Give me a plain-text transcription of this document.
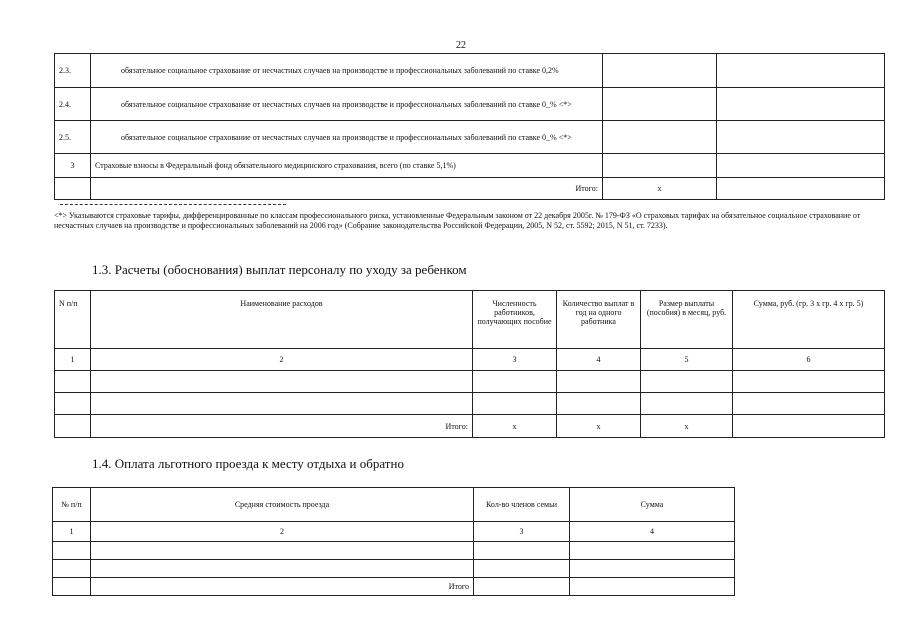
22
2.3.	обязательное социальное страхование от несчастных случаев на производстве и профессиональных заболеваний по ставке 0,2%		
2.4.	обязательное социальное страхование от несчастных случаев на производстве и профессиональных заболеваний по ставке 0_% <*>		
2.5.	обязательное социальное страхование от несчастных случаев на производстве и профессиональных заболеваний по ставке 0_% <*>		
3	Страховые взносы в Федеральный фонд обязательного медицинского страхования, всего (по ставке 5,1%)		
	Итого:	х	
<*> Указываются страховые тарифы, дифференцированные по классам профессионального риска, установленные Федеральным законом от 22 декабря 2005г. № 179-ФЗ «О страховых тарифах на обязательное социальное страхование от несчастных случаев на производстве и профессиональных заболеваний на 2006 год» (Собрание законодательства Российской Федерации, 2005, N 52, ст. 5592; 2015, N 51, ст. 7233).
1.3. Расчеты (обоснования) выплат персоналу по уходу за ребенком
N п/п	Наименование расходов	Численность работников, получающих пособие	Количество выплат в год на одного работника	Размер выплаты (пособия) в месяц, руб.	Сумма, руб. (гр. 3 х гр. 4 х гр. 5)
1	2	3	4	5	6

	Итого:	х	х	х	
1.4. Оплата льготного проезда к месту отдыха и обратно
№ п/п	Средняя стоимость проезда	Кол-во членов семьи	Сумма
1	2	3	4

	Итого		
